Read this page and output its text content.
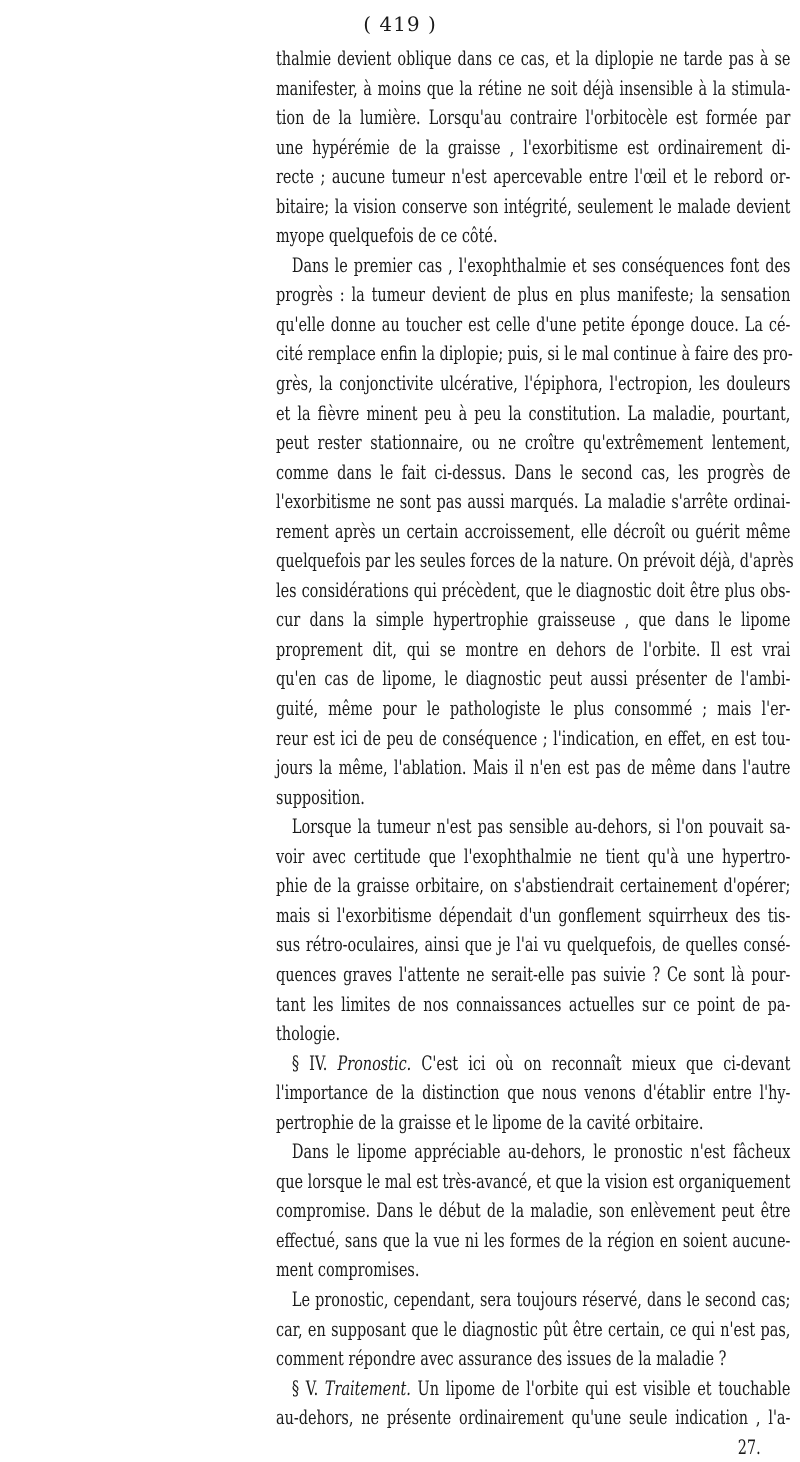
( 419 )
thalmie devient oblique dans ce cas, et la diplopie ne tarde pas à se
manifester, à moins que la rétine ne soit déjà insensible à la stimula-
tion de la lumière. Lorsqu'au contraire l'orbitocèle est formée par
une hypérémie de la graisse , l'exorbitisme est ordinairement di-
recte ; aucune tumeur n'est apercevable entre l'œil et le rebord or-
bitaire; la vision conserve son intégrité, seulement le malade devient
myope quelquefois de ce côté.
Dans le premier cas , l'exophthalmie et ses conséquences font des
progrès : la tumeur devient de plus en plus manifeste; la sensation
qu'elle donne au toucher est celle d'une petite éponge douce. La cé-
cité remplace enfin la diplopie; puis, si le mal continue à faire des pro-
grès, la conjonctivite ulcérative, l'épiphora, l'ectropion, les douleurs
et la fièvre minent peu à peu la constitution. La maladie, pourtant,
peut rester stationnaire, ou ne croître qu'extrêmement lentement,
comme dans le fait ci-dessus. Dans le second cas, les progrès de
l'exorbitisme ne sont pas aussi marqués. La maladie s'arrête ordinai-
rement après un certain accroissement, elle décroît ou guérit même
quelquefois par les seules forces de la nature. On prévoit déjà, d'après
les considérations qui précèdent, que le diagnostic doit être plus obs-
cur dans la simple hypertrophie graisseuse , que dans le lipome
proprement dit, qui se montre en dehors de l'orbite. Il est vrai
qu'en cas de lipome, le diagnostic peut aussi présenter de l'ambi-
guité, même pour le pathologiste le plus consommé ; mais l'er-
reur est ici de peu de conséquence ; l'indication, en effet, en est tou-
jours la même, l'ablation. Mais il n'en est pas de même dans l'autre
supposition.
Lorsque la tumeur n'est pas sensible au-dehors, si l'on pouvait sa-
voir avec certitude que l'exophthalmie ne tient qu'à une hypertro-
phie de la graisse orbitaire, on s'abstiendrait certainement d'opérer;
mais si l'exorbitisme dépendait d'un gonflement squirrheux des tis-
sus rétro-oculaires, ainsi que je l'ai vu quelquefois, de quelles consé-
quences graves l'attente ne serait-elle pas suivie ? Ce sont là pour-
tant les limites de nos connaissances actuelles sur ce point de pa-
thologie.
§ IV. Pronostic. C'est ici où on reconnaît mieux que ci-devant
l'importance de la distinction que nous venons d'établir entre l'hy-
pertrophie de la graisse et le lipome de la cavité orbitaire.
Dans le lipome appréciable au-dehors, le pronostic n'est fâcheux
que lorsque le mal est très-avancé, et que la vision est organiquement
compromise. Dans le début de la maladie, son enlèvement peut être
effectué, sans que la vue ni les formes de la région en soient aucune-
ment compromises.
Le pronostic, cependant, sera toujours réservé, dans le second cas;
car, en supposant que le diagnostic pût être certain, ce qui n'est pas,
comment répondre avec assurance des issues de la maladie ?
§ V. Traitement. Un lipome de l'orbite qui est visible et touchable
au-dehors, ne présente ordinairement qu'une seule indication , l'a-
27.
